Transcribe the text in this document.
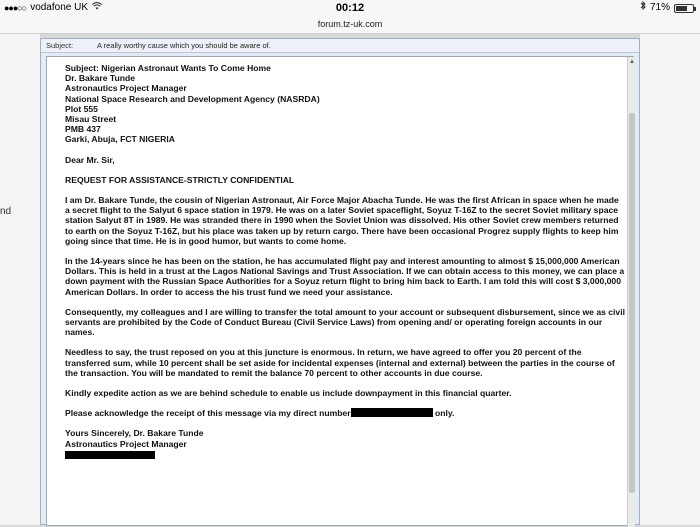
●●●○○ vodafone UK	00:12	71%
forum.tz-uk.com
nd
Subject:	A really worthy cause which you should be aware of.
Subject: Nigerian Astronaut Wants To Come Home
Dr. Bakare Tunde
Astronautics Project Manager
National Space Research and Development Agency (NASRDA)
Plot 555
Misau Street
PMB 437
Garki, Abuja, FCT NIGERIA
Dear Mr. Sir,
REQUEST FOR ASSISTANCE-STRICTLY CONFIDENTIAL
I am Dr. Bakare Tunde, the cousin of Nigerian Astronaut, Air Force Major Abacha Tunde. He was the first African in space when he made a secret flight to the Salyut 6 space station in 1979. He was on a later Soviet spaceflight, Soyuz T-16Z to the secret Soviet military space station Salyut 8T in 1989. He was stranded there in 1990 when the Soviet Union was dissolved. His other Soviet crew members returned to earth on the Soyuz T-16Z, but his place was taken up by return cargo. There have been occasional Progrez supply flights to keep him going since that time. He is in good humor, but wants to come home.
In the 14-years since he has been on the station, he has accumulated flight pay and interest amounting to almost $ 15,000,000 American Dollars. This is held in a trust at the Lagos National Savings and Trust Association. If we can obtain access to this money, we can place a down payment with the Russian Space Authorities for a Soyuz return flight to bring him back to Earth. I am told this will cost $ 3,000,000 American Dollars. In order to access the his trust fund we need your assistance.
Consequently, my colleagues and I are willing to transfer the total amount to your account or subsequent disbursement, since we as civil servants are prohibited by the Code of Conduct Bureau (Civil Service Laws) from opening and/ or operating foreign accounts in our names.
Needless to say, the trust reposed on you at this juncture is enormous. In return, we have agreed to offer you 20 percent of the transferred sum, while 10 percent shall be set aside for incidental expenses (internal and external) between the parties in the course of the transaction. You will be mandated to remit the balance 70 percent to other accounts in due course.
Kindly expedite action as we are behind schedule to enable us include downpayment in this financial quarter.
Please acknowledge the receipt of this message via my direct number	only.
Yours Sincerely, Dr. Bakare Tunde
Astronautics Project Manager
▲
